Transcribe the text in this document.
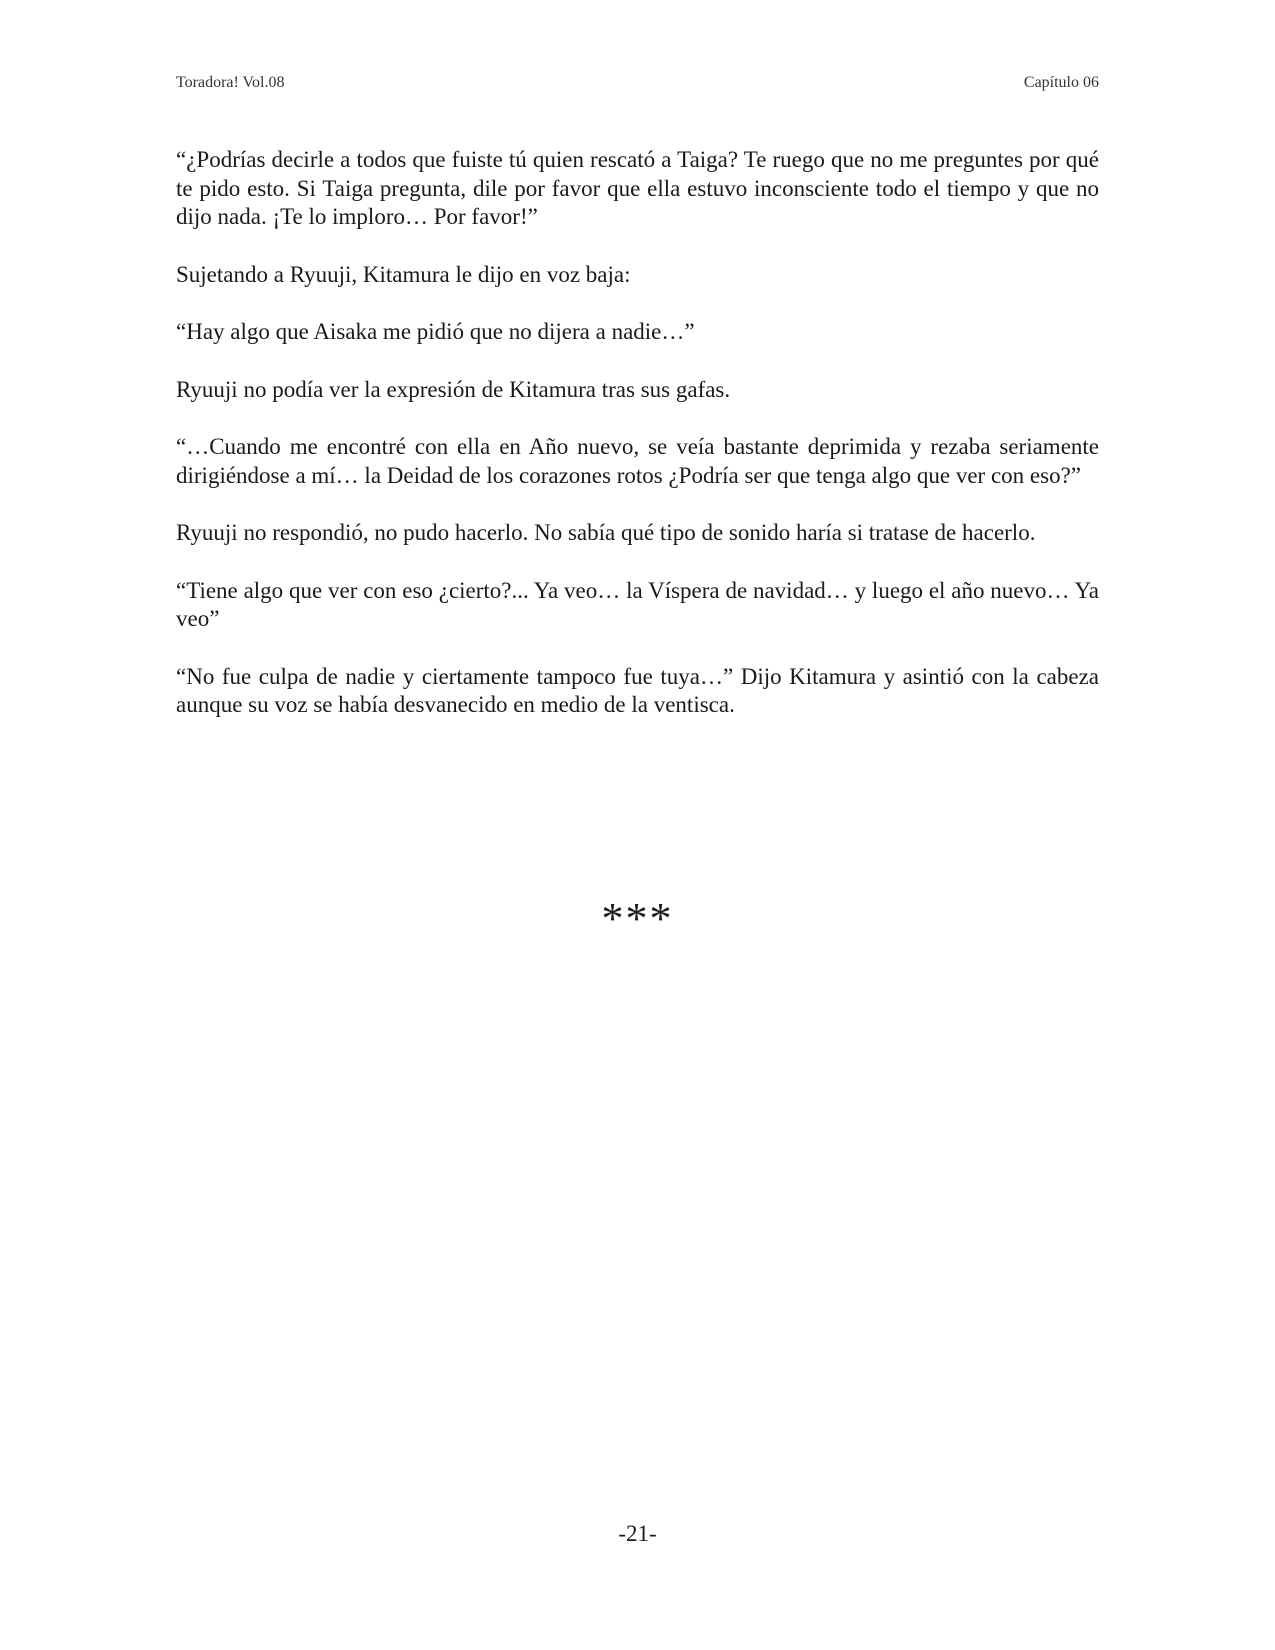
Toradora! Vol.08	Capítulo 06

“¿Podrías decirle a todos que fuiste tú quien rescató a Taiga? Te ruego que no me preguntes por qué te pido esto. Si Taiga pregunta, dile por favor que ella estuvo inconsciente todo el tiempo y que no dijo nada. ¡Te lo imploro… Por favor!”

Sujetando a Ryuuji, Kitamura le dijo en voz baja:

“Hay algo que Aisaka me pidió que no dijera a nadie…”

Ryuuji no podía ver la expresión de Kitamura tras sus gafas.

“…Cuando me encontré con ella en Año nuevo, se veía bastante deprimida y rezaba seriamente dirigiéndose a mí… la Deidad de los corazones rotos ¿Podría ser que tenga algo que ver con eso?”

Ryuuji no respondió, no pudo hacerlo. No sabía qué tipo de sonido haría si tratase de hacerlo.

“Tiene algo que ver con eso ¿cierto?... Ya veo… la Víspera de navidad… y luego el año nuevo… Ya veo”

“No fue culpa de nadie y ciertamente tampoco fue tuya…” Dijo Kitamura y asintió con la cabeza aunque su voz se había desvanecido en medio de la ventisca.

***
-21-
